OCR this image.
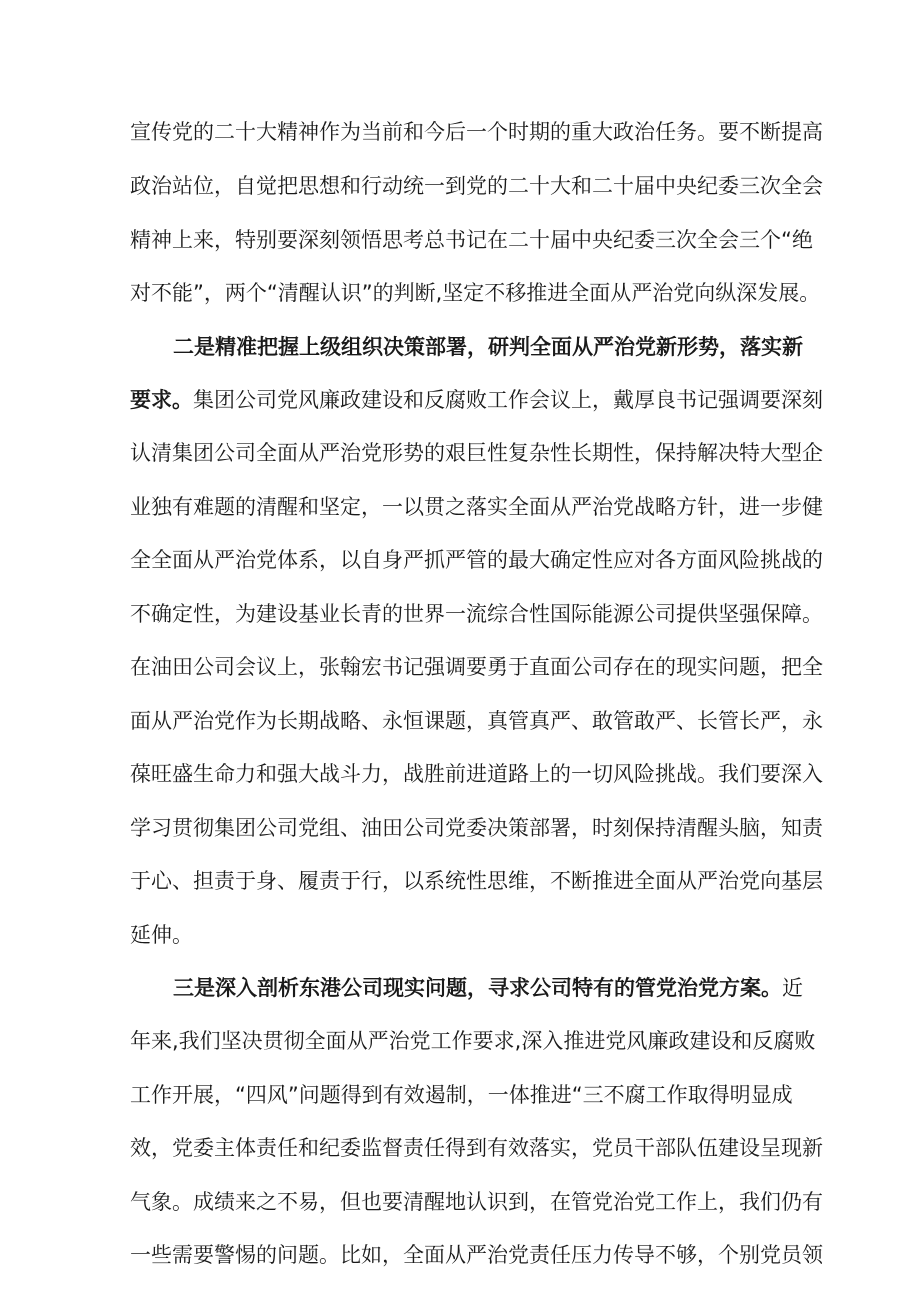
宣传党的二十大精神作为当前和今后一个时期的重大政治任务。要不断提高
政治站位，自觉把思想和行动统一到党的二十大和二十届中央纪委三次全会
精神上来，特别要深刻领悟思考总书记在二十届中央纪委三次全会三个“绝
对不能”，两个“清醒认识”的判断,坚定不移推进全面从严治党向纵深发展。
二是精准把握上级组织决策部署，研判全面从严治党新形势，落实新
要求。集团公司党风廉政建设和反腐败工作会议上，戴厚良书记强调要深刻
认清集团公司全面从严治党形势的艰巨性复杂性长期性，保持解决特大型企
业独有难题的清醒和坚定，一以贯之落实全面从严治党战略方针，进一步健
全全面从严治党体系，以自身严抓严管的最大确定性应对各方面风险挑战的
不确定性，为建设基业长青的世界一流综合性国际能源公司提供坚强保障。
在油田公司会议上，张翰宏书记强调要勇于直面公司存在的现实问题，把全
面从严治党作为长期战略、永恒课题，真管真严、敢管敢严、长管长严，永
葆旺盛生命力和强大战斗力，战胜前进道路上的一切风险挑战。我们要深入
学习贯彻集团公司党组、油田公司党委决策部署，时刻保持清醒头脑，知责
于心、担责于身、履责于行，以系统性思维，不断推进全面从严治党向基层
延伸。
三是深入剖析东港公司现实问题，寻求公司特有的管党治党方案。近
年来,我们坚决贯彻全面从严治党工作要求,深入推进党风廉政建设和反腐败
工作开展，“四风”问题得到有效遏制，一体推进“三不腐工作取得明显成
效，党委主体责任和纪委监督责任得到有效落实，党员干部队伍建设呈现新
气象。成绩来之不易，但也要清醒地认识到，在管党治党工作上，我们仍有
一些需要警惕的问题。比如，全面从严治党责任压力传导不够，个别党员领
